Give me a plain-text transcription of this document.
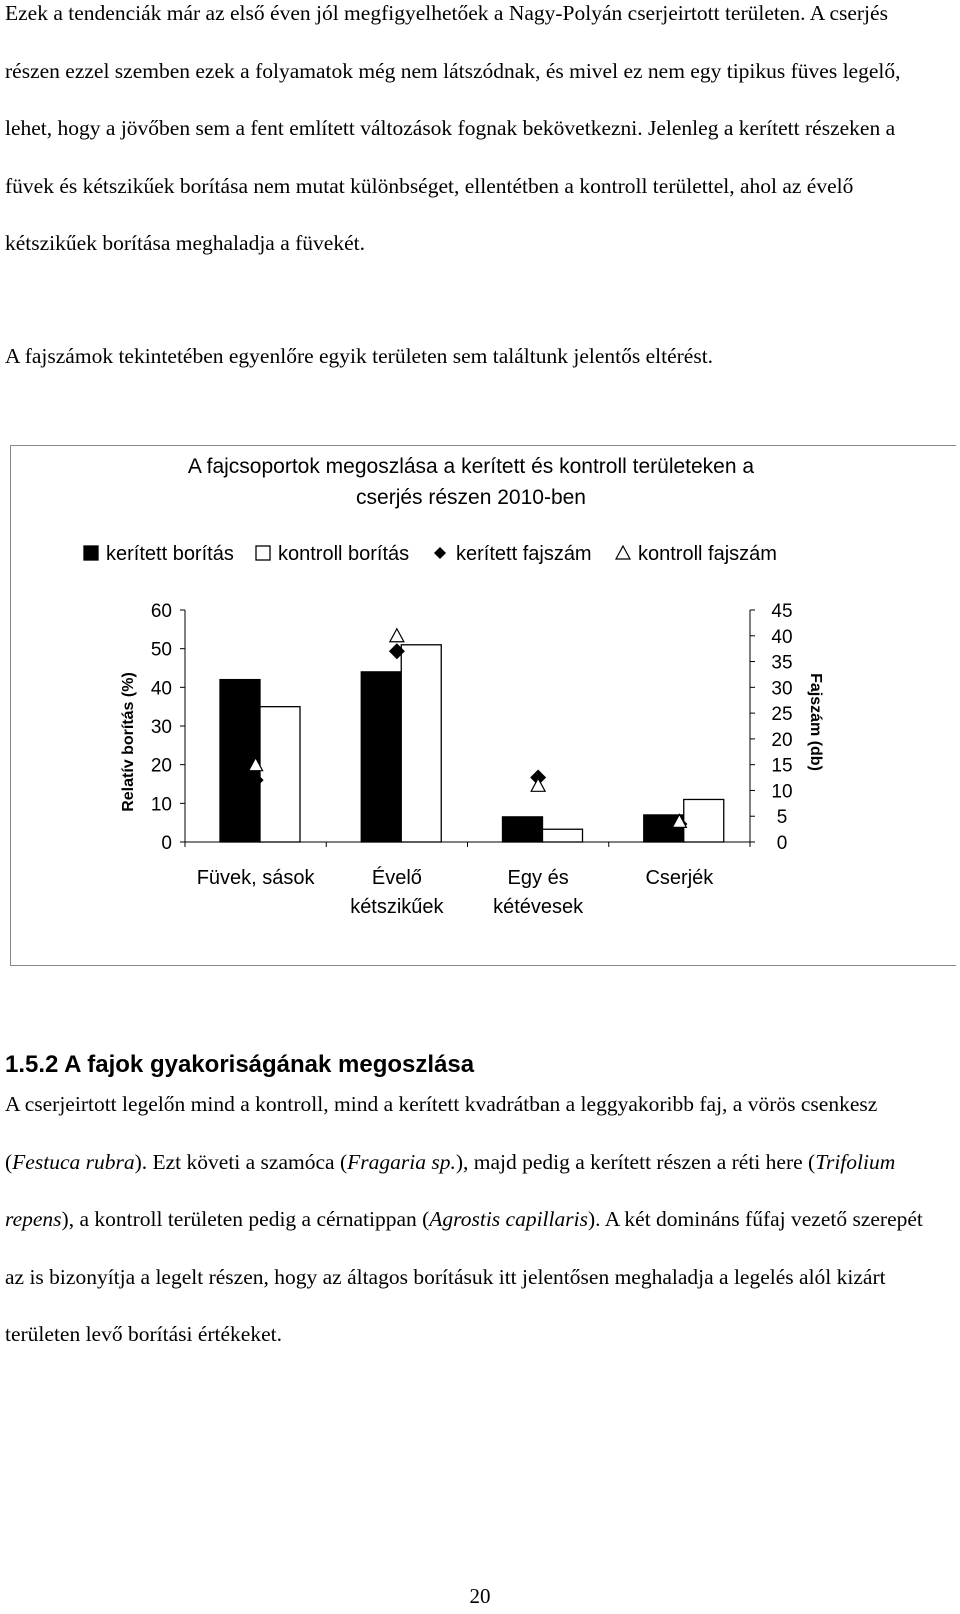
Ezek a tendenciák már az első éven jól megfigyelhetőek a Nagy-Polyán cserjeirtott területen. A cserjés részen ezzel szemben ezek a folyamatok még nem látszódnak, és mivel ez nem egy tipikus füves legelő, lehet, hogy a jövőben sem a fent említett változások fognak bekövetkezni. Jelenleg a kerített részeken a füvek és kétszikűek borítása nem mutat különbséget, ellentétben a kontroll területtel, ahol az évelő kétszikűek borítása meghaladja a füvekét.

A fajszámok tekintetében egyenlőre egyik területen sem találtunk jelentős eltérést.

A fajcsoportok megoszlása a kerített és kontroll területeken a
cserjés részen 2010-ben
kerített borítás kontroll borítás kerített fajszám kontroll fajszám
0
10
20
30
40
50
60
0
5
10
15
20
25
30
35
40
45
Relatív borítás (%)	Fajszám (db)
Füvek, sások	Évelő
kétszikűek
Egy és
kétévesek
Cserjék
1.5.2 A fajok gyakoriságának megoszlása

A cserjeirtott legelőn mind a kontroll, mind a kerített kvadrátban a leggyakoribb faj, a vörös csenkesz (Festuca rubra). Ezt követi a szamóca (Fragaria sp.), majd pedig a kerített részen a réti here (Trifolium repens), a kontroll területen pedig a cérnatippan (Agrostis capillaris). A két domináns fűfaj vezető szerepét az is bizonyítja a legelt részen, hogy az áltagos borításuk itt jelentősen meghaladja a legelés alól kizárt területen levő borítási értékeket.

20
